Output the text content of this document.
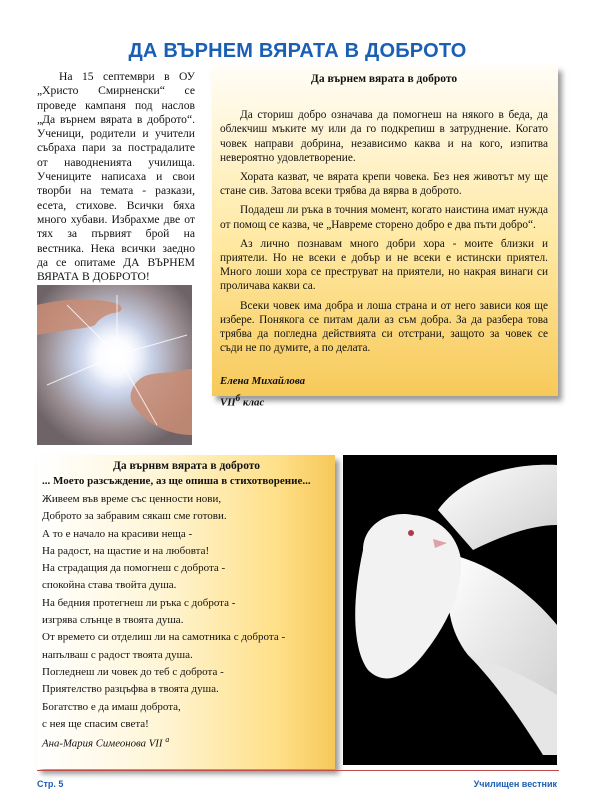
ДА ВЪРНЕМ ВЯРАТА В ДОБРОТО

На 15 септември в ОУ „Христо Смирненски“ се проведе кампаня под наслов „Да върнем вярата в доброто“. Ученици, родители и учители събраха пари за пострадалите от наводненията училища. Учениците написаха и свои творби на темата - разкази, есета, стихове. Всички бяха много хубави. Избрахме две от тях за първият брой на вестника. Нека всички заедно да се опитаме ДА ВЪРНЕМ ВЯРАТА В ДОБРОТО!

Да върнем вярата в доброто

Да сториш добро означава да помогнеш на някого в беда, да облекчиш мъките му или да го подкрепиш в затруднение. Когато човек направи добрина, независимо каква и на кого, изпитва невероятно удовлетворение.

Хората казват, че вярата крепи човека. Без нея животът му ще стане сив. Затова всеки трябва да вярва в доброто.

Подадеш ли ръка в точния момент, когато наистина имат нужда от помощ се казва, че „Навреме сторено добро е два пъти добро“.

Аз лично познавам много добри хора - моите близки и приятели. Но не всеки е добър и не всеки е истински приятел. Много лоши хора се преструват на приятели, но накрая винаги си проличава какви са.

Всеки човек има добра и лоша страна и от него зависи коя ще избере. Понякога се питам дали аз съм добра. За да разбера това трябва да погледна действията си отстрани, защото за човек се съди не по думите, а по делата.

Елена Михайлова
$VII^б$ клас
Да върнвм вярата в доброто

... Моето разсъждение, аз ще опиша в стихотворение...

Живеем във време със ценности нови,

Доброто за забравим сякаш сме готови.

А то е начало на красиви неща -

На радост, на щастие и на любовта!

На страдащия да помогнеш с доброта -

спокойна става твойта душа.

На бедния протегнеш ли ръка с доброта -

изгрява слънце в твоята душа.

От времето си отделиш ли на самотника с доброта -

напълваш с радост твоята душа.

Погледнеш ли човек до теб с доброта -

Приятелство разцъфва в твоята душа.

Богатство е да имаш доброта,

с нея ще спасим света!

Ана-Мария Симеонова VII $^а$
Стр. 5	Училищен вестник
